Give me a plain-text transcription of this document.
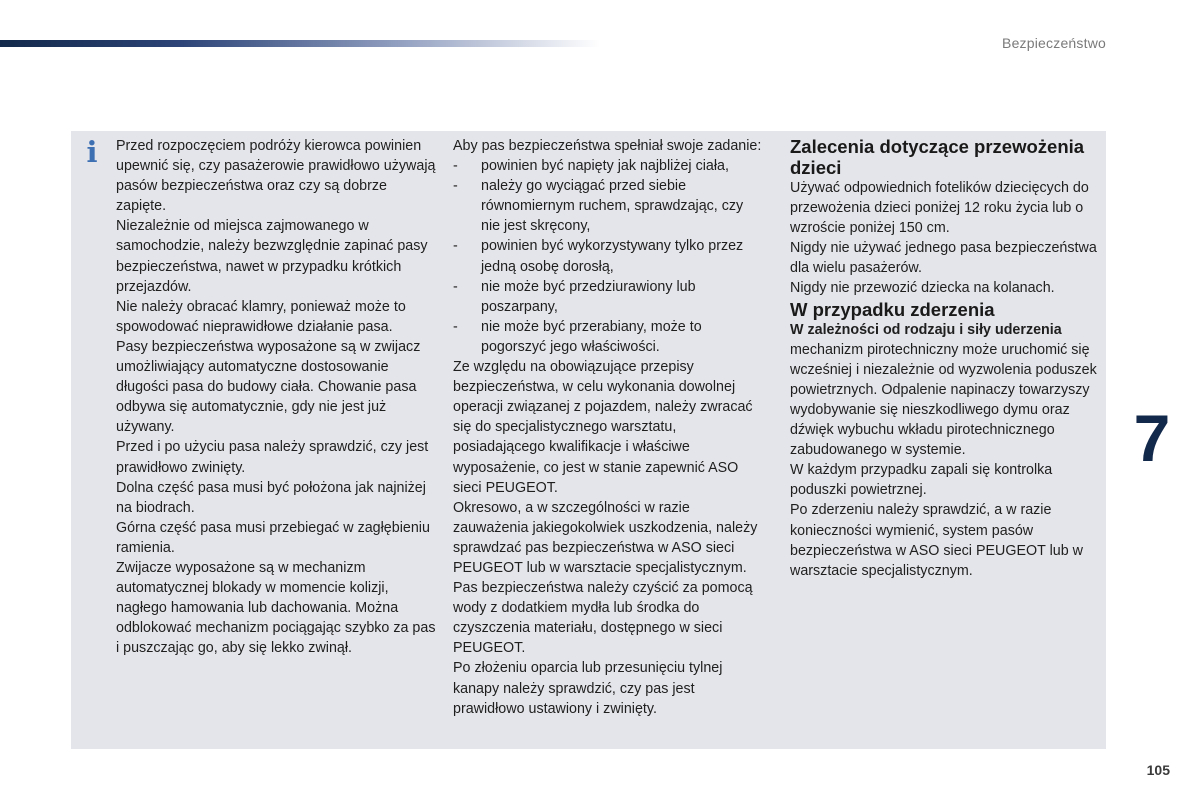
Bezpieczeństwo
i	Przed rozpoczęciem podróży kierowca powinien upewnić się, czy pasażerowie prawidłowo używają pasów bezpieczeństwa oraz czy są dobrze zapięte.

Niezależnie od miejsca zajmowanego w samochodzie, należy bezwzględnie zapinać pasy bezpieczeństwa, nawet w przypadku krótkich przejazdów.

Nie należy obracać klamry, ponieważ może to spowodować nieprawidłowe działanie pasa.

Pasy bezpieczeństwa wyposażone są w zwijacz umożliwiający automatyczne dostosowanie długości pasa do budowy ciała. Chowanie pasa odbywa się automatycznie, gdy nie jest już używany.

Przed i po użyciu pasa należy sprawdzić, czy jest prawidłowo zwinięty.

Dolna część pasa musi być położona jak najniżej na biodrach.

Górna część pasa musi przebiegać w zagłębieniu ramienia.

Zwijacze wyposażone są w mechanizm automatycznej blokady w momencie kolizji, nagłego hamowania lub dachowania. Można odblokować mechanizm pociągając szybko za pas i puszczając go, aby się lekko zwinął.

Aby pas bezpieczeństwa spełniał swoje zadanie:

- powinien być napięty jak najbliżej ciała,
- należy go wyciągać przed siebie równomiernym ruchem, sprawdzając, czy nie jest skręcony,
- powinien być wykorzystywany tylko przez jedną osobę dorosłą,
- nie może być przedziurawiony lub poszarpany,
- nie może być przerabiany, może to pogorszyć jego właściwości.

Ze względu na obowiązujące przepisy bezpieczeństwa, w celu wykonania dowolnej operacji związanej z pojazdem, należy zwracać się do specjalistycznego warsztatu, posiadającego kwalifikacje i właściwe wyposażenie, co jest w stanie zapewnić ASO sieci PEUGEOT.

Okresowo, a w szczególności w razie zauważenia jakiegokolwiek uszkodzenia, należy sprawdzać pas bezpieczeństwa w ASO sieci PEUGEOT lub w warsztacie specjalistycznym.

Pas bezpieczeństwa należy czyścić za pomocą wody z dodatkiem mydła lub środka do czyszczenia materiału, dostępnego w sieci PEUGEOT.

Po złożeniu oparcia lub przesunięciu tylnej kanapy należy sprawdzić, czy pas jest prawidłowo ustawiony i zwinięty.

Zalecenia dotyczące przewożenia dzieci

Używać odpowiednich fotelików dziecięcych do przewożenia dzieci poniżej 12 roku życia lub o wzroście poniżej 150 cm.

Nigdy nie używać jednego pasa bezpieczeństwa dla wielu pasażerów.

Nigdy nie przewozić dziecka na kolanach.

W przypadku zderzenia

W zależności od rodzaju i siły uderzenia mechanizm pirotechniczny może uruchomić się wcześniej i niezależnie od wyzwolenia poduszek powietrznych. Odpalenie napinaczy towarzyszy wydobywanie się nieszkodliwego dymu oraz dźwięk wybuchu wkładu pirotechnicznego zabudowanego w systemie.

W każdym przypadku zapali się kontrolka poduszki powietrznej.

Po zderzeniu należy sprawdzić, a w razie konieczności wymienić, system pasów bezpieczeństwa w ASO sieci PEUGEOT lub w warsztacie specjalistycznym.

7
105
